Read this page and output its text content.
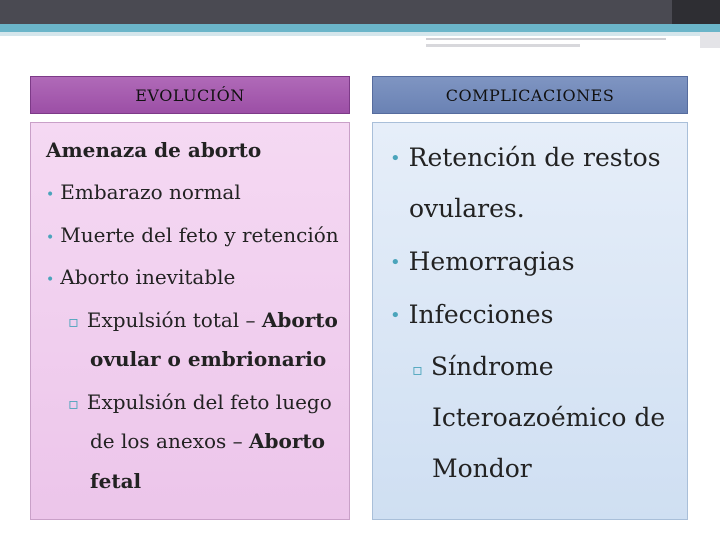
EVOLUCIÓN	COMPLICACIONES
Amenaza de aborto
• Embarazo normal
• Muerte del feto y retención
• Aborto inevitable
▫ Expulsión total – Aborto
ovular o embrionario
▫ Expulsión del feto luego
de los anexos – Aborto
fetal
• Retención de restos
ovulares.
• Hemorragias
• Infecciones
▫ Síndrome
Icteroazoémico de
Mondor
